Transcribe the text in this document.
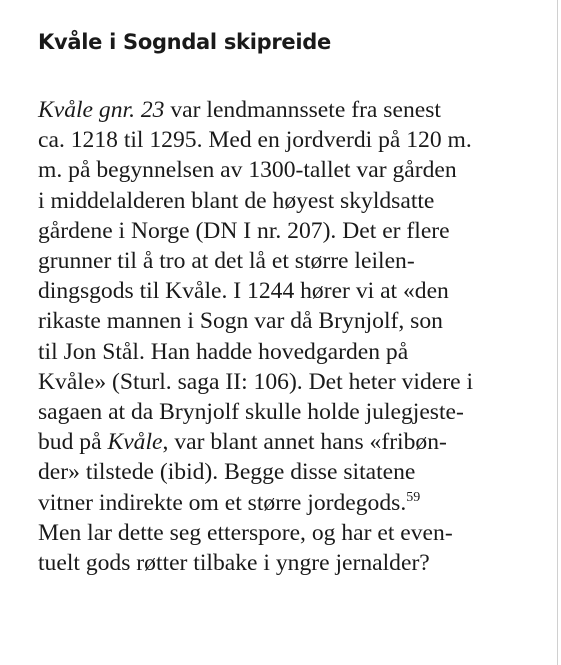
Kvåle i Sogndal skipreide

Kvåle gnr. 23 var lendmannssete fra senest
ca. 1218 til 1295. Med en jordverdi på 120 m.
m. på begynnelsen av 1300-tallet var gården
i middelalderen blant de høyest skyldsatte
gårdene i Norge (DN I nr. 207). Det er flere
grunner til å tro at det lå et større leilen-
dingsgods til Kvåle. I 1244 hører vi at «den
rikaste mannen i Sogn var då Brynjolf, son
til Jon Stål. Han hadde hovedgarden på
Kvåle» (Sturl. saga II: 106). Det heter videre i
sagaen at da Brynjolf skulle holde julegjeste-
bud på Kvåle, var blant annet hans «fribøn-
der» tilstede (ibid). Begge disse sitatene
vitner indirekte om et større jordegods.$^{59}$
Men lar dette seg etterspore, og har et even-
tuelt gods røtter tilbake i yngre jernalder?
